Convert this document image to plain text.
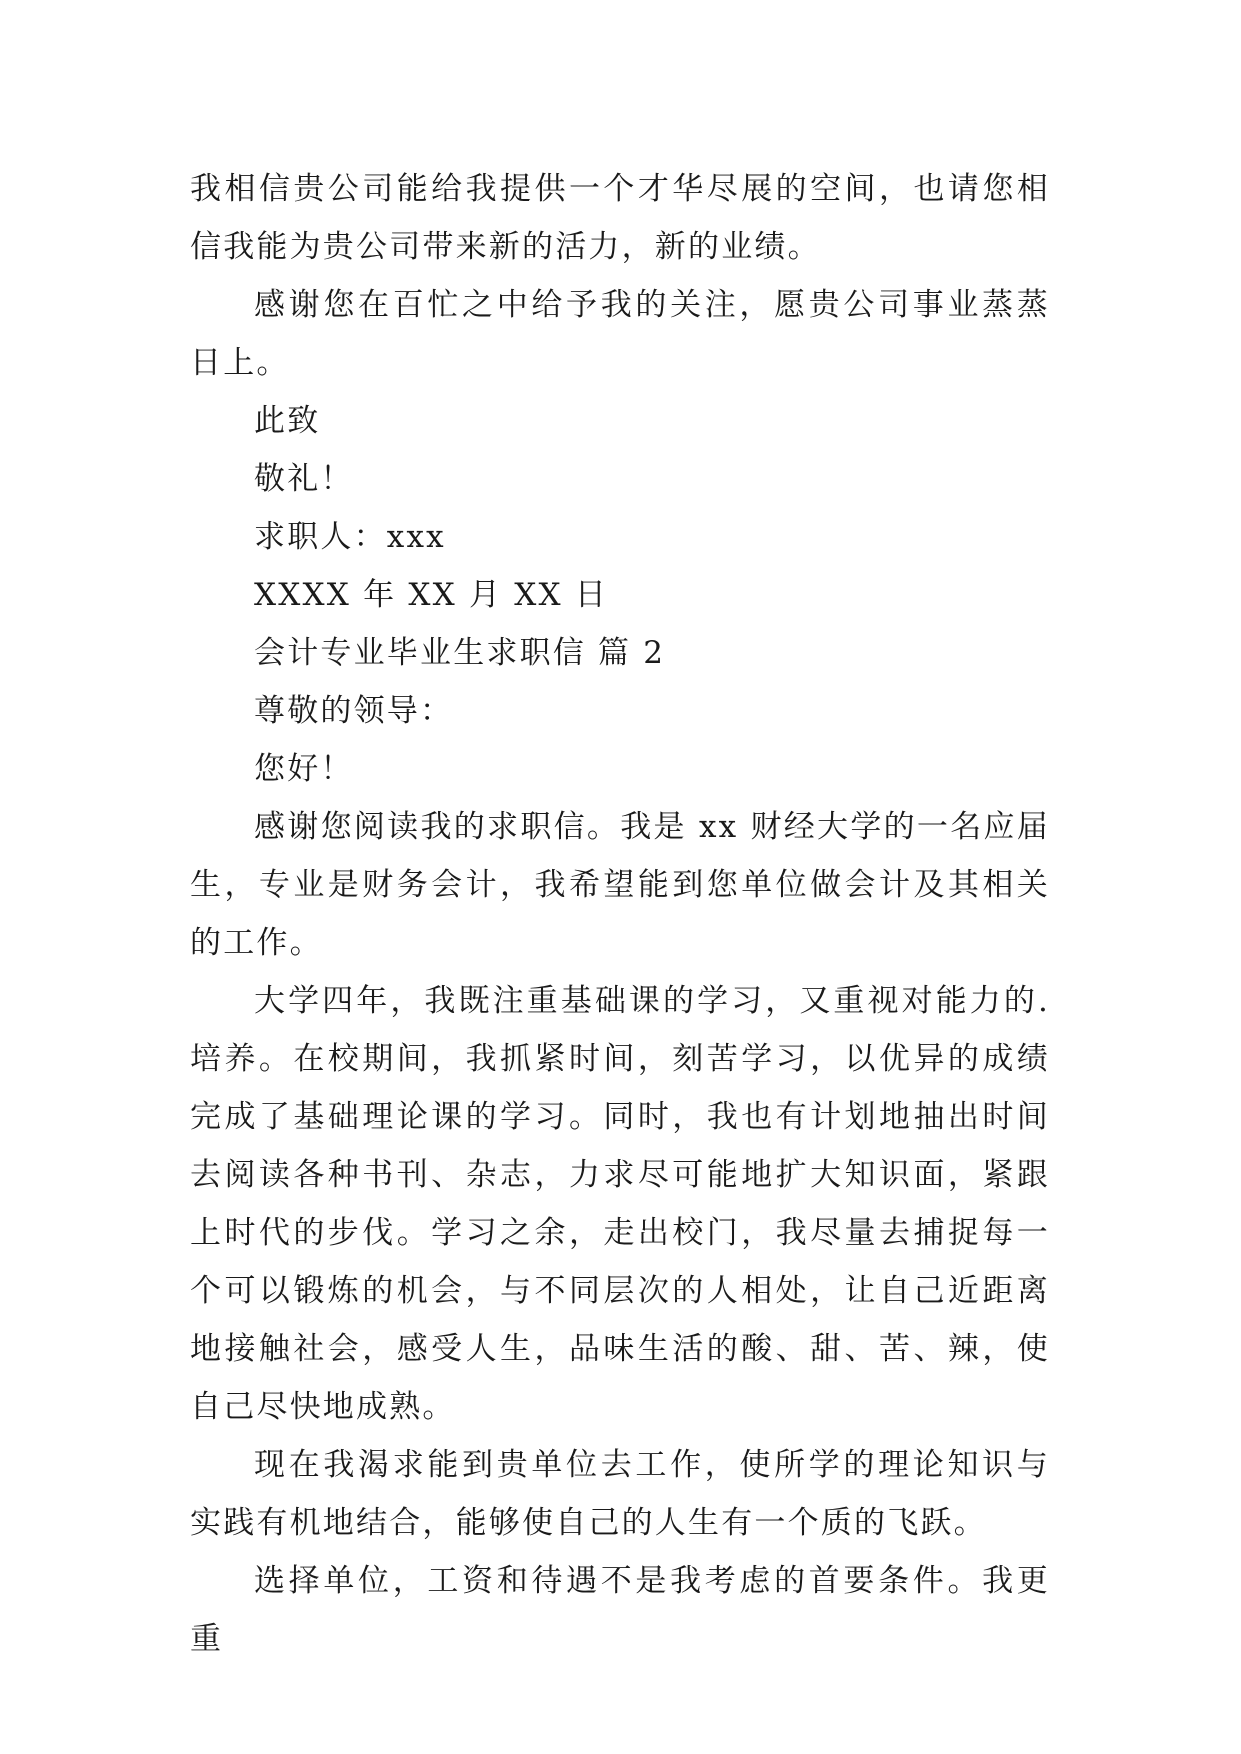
我相信贵公司能给我提供一个才华尽展的空间，也请您相信我能为贵公司带来新的活力，新的业绩。

感谢您在百忙之中给予我的关注，愿贵公司事业蒸蒸日上。

此致

敬礼！

求职人：xxx

XXXX 年 XX 月 XX 日

会计专业毕业生求职信 篇 2

尊敬的领导：

您好！

感谢您阅读我的求职信。我是 xx 财经大学的一名应届生，专业是财务会计，我希望能到您单位做会计及其相关的工作。

大学四年，我既注重基础课的学习，又重视对能力的.培养。在校期间，我抓紧时间，刻苦学习，以优异的成绩完成了基础理论课的学习。同时，我也有计划地抽出时间去阅读各种书刊、杂志，力求尽可能地扩大知识面，紧跟上时代的步伐。学习之余，走出校门，我尽量去捕捉每一个可以锻炼的机会，与不同层次的人相处，让自己近距离地接触社会，感受人生，品味生活的酸、甜、苦、辣，使自己尽快地成熟。

现在我渴求能到贵单位去工作，使所学的理论知识与实践有机地结合，能够使自己的人生有一个质的飞跃。

选择单位，工资和待遇不是我考虑的首要条件。我更重
